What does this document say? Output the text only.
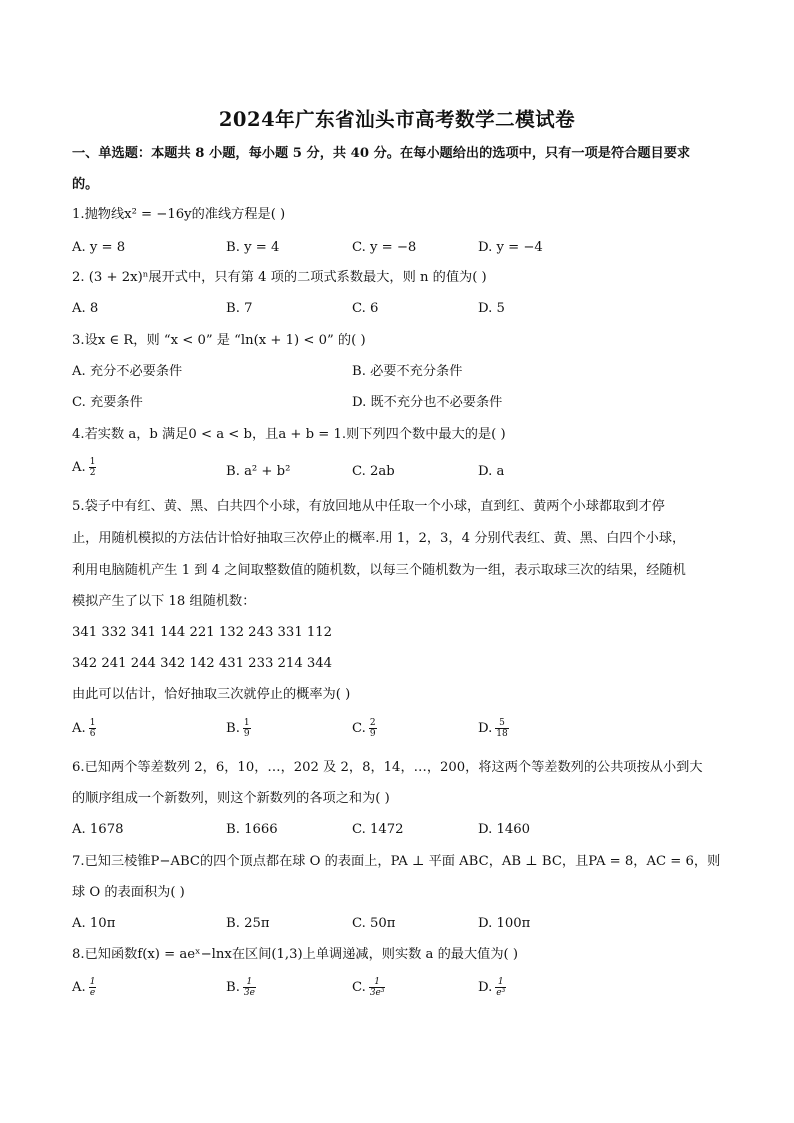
2024年广东省汕头市高考数学二模试卷
一、单选题：本题共 8 小题，每小题 5 分，共 40 分。在每小题给出的选项中，只有一项是符合题目要求
的。
1.抛物线x² = −16y的准线方程是( )
A. y = 8	B. y = 4	C. y = −8	D. y = −4
2. (3 + 2x)ⁿ展开式中，只有第 4 项的二项式系数最大，则 n 的值为( )
A. 8	B. 7	C. 6	D. 5
3.设x ∈ R，则 “x < 0” 是 “ln(x + 1) < 0” 的( )
A. 充分不必要条件	B. 必要不充分条件
C. 充要条件	D. 既不充分也不必要条件
4.若实数 a，b 满足0 < a < b，且a + b = 1.则下列四个数中最大的是( )
A. $\frac{1}{2}$	B. a² + b²	C. 2ab	D. a
5.袋子中有红、黄、黑、白共四个小球，有放回地从中任取一个小球，直到红、黄两个小球都取到才停
止，用随机模拟的方法估计恰好抽取三次停止的概率.用 1，2，3，4 分别代表红、黄、黑、白四个小球，
利用电脑随机产生 1 到 4 之间取整数值的随机数，以每三个随机数为一组，表示取球三次的结果，经随机
模拟产生了以下 18 组随机数：
341 332 341 144 221 132 243 331 112
342 241 244 342 142 431 233 214 344
由此可以估计，恰好抽取三次就停止的概率为( )
A. $\frac{1}{6}$	B. $\frac{1}{9}$	C. $\frac{2}{9}$	D. $\frac{5}{18}$
6.已知两个等差数列 2，6，10，…，202 及 2，8，14，…，200，将这两个等差数列的公共项按从小到大
的顺序组成一个新数列，则这个新数列的各项之和为( )
A. 1678	B. 1666	C. 1472	D. 1460
7.已知三棱锥P−ABC的四个顶点都在球 O 的表面上，PA ⊥ 平面 ABC，AB ⊥ BC，且PA = 8，AC = 6，则
球 O 的表面积为( )
A. 10π	B. 25π	C. 50π	D. 100π
8.已知函数f(x) = aeˣ−lnx在区间(1,3)上单调递减，则实数 a 的最大值为( )
A. $\frac{1}{e}$	B. $\frac{1}{3e}$	C. $\frac{1}{\text{3e³}}$	D. $\frac{1}{\text{e³}}$
